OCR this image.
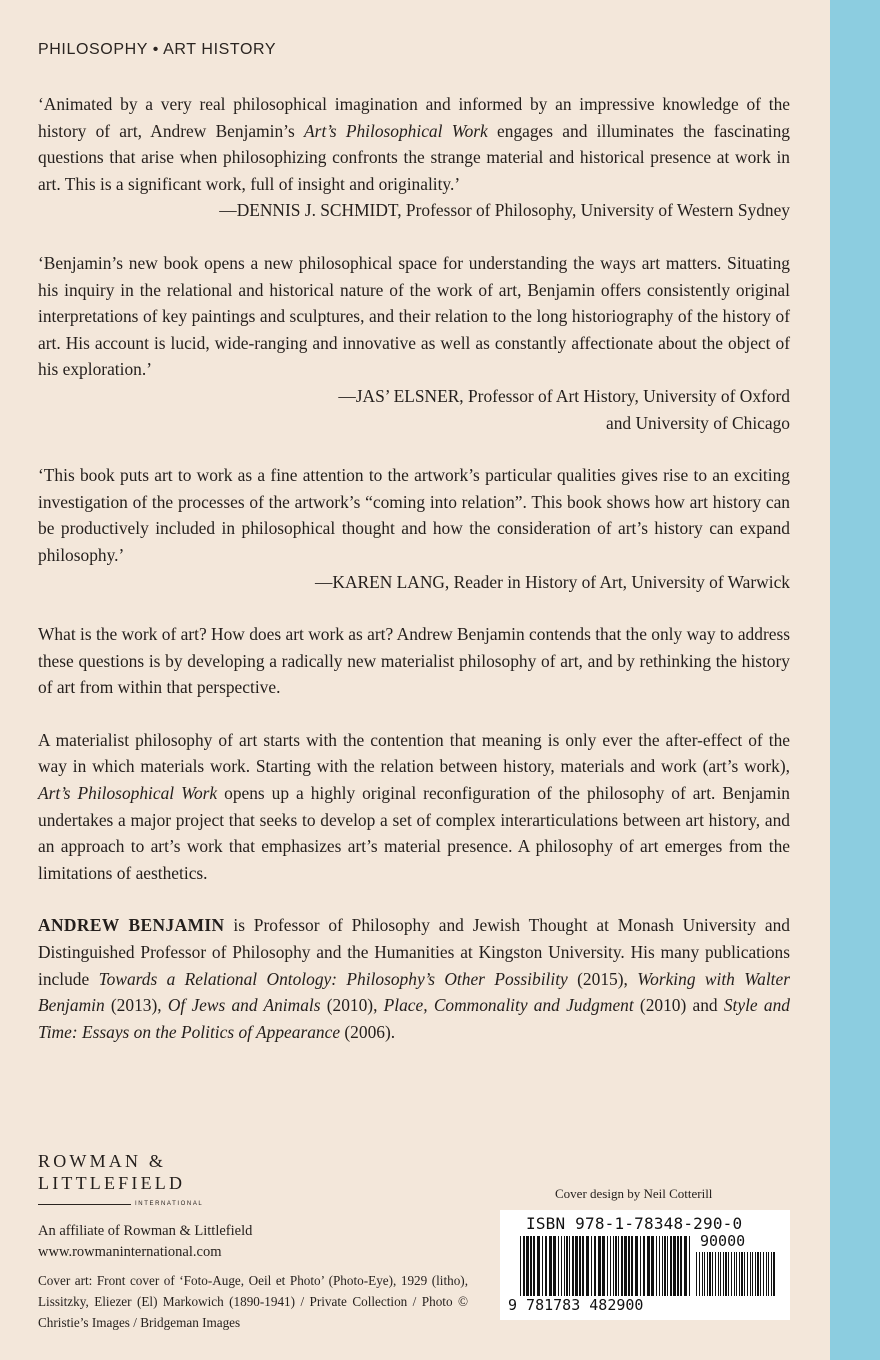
PHILOSOPHY • ART HISTORY

‘Animated by a very real philosophical imagination and informed by an impressive knowledge of the history of art, Andrew Benjamin’s Art’s Philosophical Work engages and illuminates the fascinating questions that arise when philosophizing confronts the strange material and historical presence at work in art. This is a significant work, full of insight and originality.’

—DENNIS J. SCHMIDT, Professor of Philosophy, University of Western Sydney

‘Benjamin’s new book opens a new philosophical space for understanding the ways art matters. Situating his inquiry in the relational and historical nature of the work of art, Benjamin offers consistently original interpretations of key paintings and sculptures, and their relation to the long historiography of the history of art. His account is lucid, wide-ranging and innovative as well as constantly affectionate about the object of his exploration.’

—JAS’ ELSNER, Professor of Art History, University of Oxford

and University of Chicago

‘This book puts art to work as a fine attention to the artwork’s particular qualities gives rise to an exciting investigation of the processes of the artwork’s “coming into relation”. This book shows how art history can be productively included in philosophical thought and how the consideration of art’s history can expand philosophy.’

—KAREN LANG, Reader in History of Art, University of Warwick

What is the work of art? How does art work as art? Andrew Benjamin contends that the only way to address these questions is by developing a radically new materialist philosophy of art, and by rethinking the history of art from within that perspective.

A materialist philosophy of art starts with the contention that meaning is only ever the after-effect of the way in which materials work. Starting with the relation between history, materials and work (art’s work), Art’s Philosophical Work opens up a highly original reconfiguration of the philosophy of art. Benjamin undertakes a major project that seeks to develop a set of complex interarticulations between art history, and an approach to art’s work that emphasizes art’s material presence. A philosophy of art emerges from the limitations of aesthetics.

ANDREW BENJAMIN is Professor of Philosophy and Jewish Thought at Monash University and Distinguished Professor of Philosophy and the Humanities at Kingston University. His many publications include Towards a Relational Ontology: Philosophy’s Other Possibility (2015), Working with Walter Benjamin (2013), Of Jews and Animals (2010), Place, Commonality and Judgment (2010) and Style and Time: Essays on the Politics of Appearance (2006).

ROWMAN &
LITTLEFIELD
INTERNATIONAL
An affiliate of Rowman & Littlefield
www.rowmaninternational.com
Cover art: Front cover of ‘Foto-Auge, Oeil et Photo’ (Photo-Eye), 1929 (litho), Lissitzky, Eliezer (El) Markowich (1890-1941) / Private Collection / Photo © Christie’s Images / Bridgeman Images
Cover design by Neil Cotterill
ISBN 978-1-78348-290-0
90000
9 781783 482900
